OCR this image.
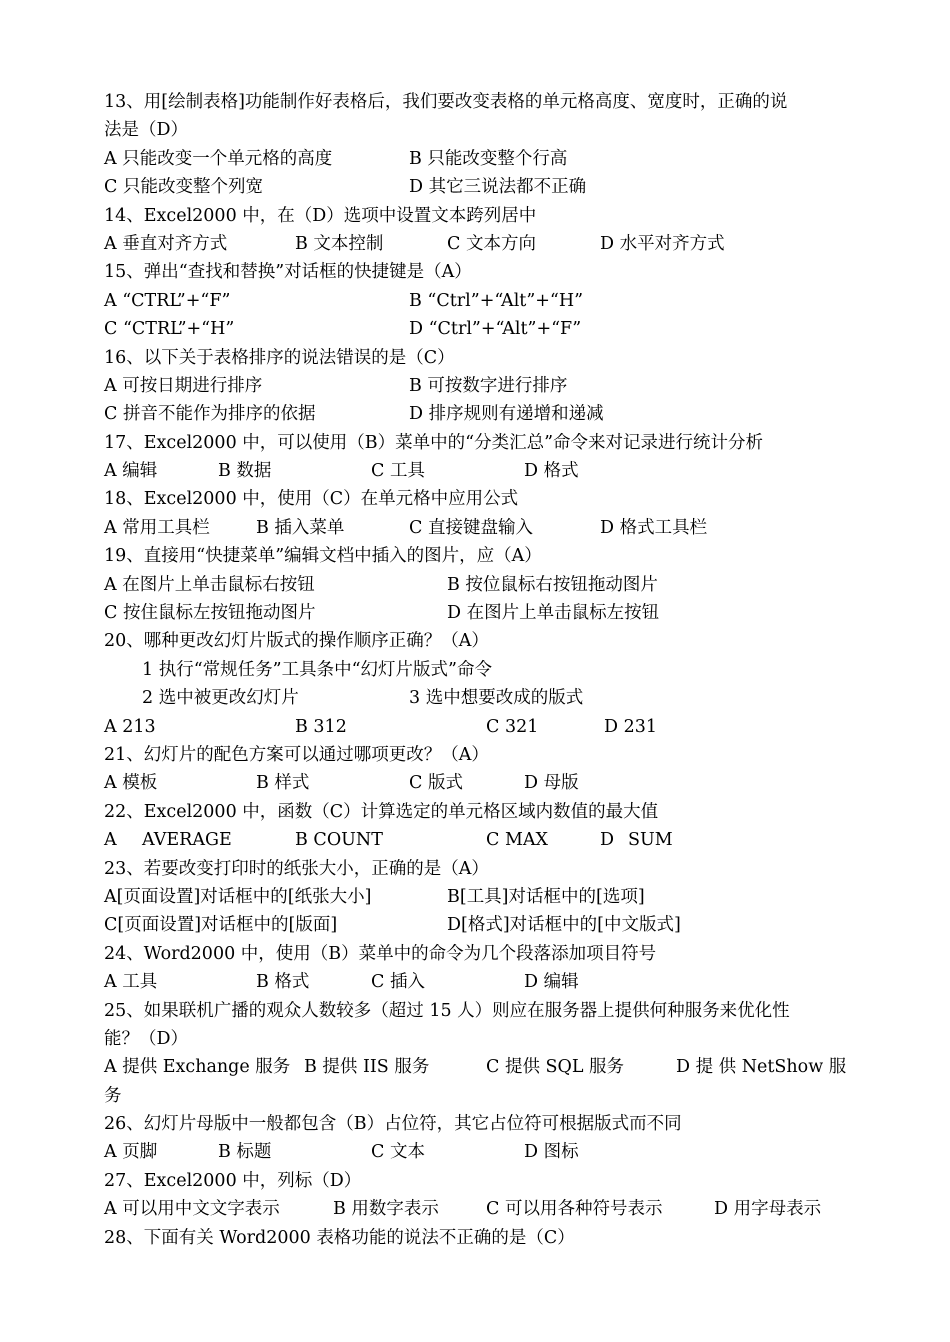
13、用[绘制表格]功能制作好表格后，我们要改变表格的单元格高度、宽度时，正确的说
法是（D）
A 只能改变一个单元格的高度	B 只能改变整个行高
C 只能改变整个列宽	D 其它三说法都不正确
14、Excel2000 中，在（D）选项中设置文本跨列居中
A 垂直对齐方式	B 文本控制	C 文本方向	D 水平对齐方式
15、弹出“查找和替换”对话框的快捷键是（A）
A “CTRL”+“F”	B “Ctrl”+“Alt”+“H”
C “CTRL”+“H”	D “Ctrl”+“Alt”+“F”
16、以下关于表格排序的说法错误的是（C）
A 可按日期进行排序	B 可按数字进行排序
C 拼音不能作为排序的依据	D 排序规则有递增和递减
17、Excel2000 中，可以使用（B）菜单中的“分类汇总”命令来对记录进行统计分析
A 编辑	B 数据	C 工具	D 格式
18、Excel2000 中，使用（C）在单元格中应用公式
A 常用工具栏	B 插入菜单	C 直接键盘输入	D 格式工具栏
19、直接用“快捷菜单”编辑文档中插入的图片，应（A）
A 在图片上单击鼠标右按钮	B 按位鼠标右按钮拖动图片
C 按住鼠标左按钮拖动图片	D 在图片上单击鼠标左按钮
20、哪种更改幻灯片版式的操作顺序正确？（A）
1 执行“常规任务”工具条中“幻灯片版式”命令
2 选中被更改幻灯片	3 选中想要改成的版式
A 213	B 312	C 321	D 231
21、幻灯片的配色方案可以通过哪项更改？（A）
A 模板	B 样式	C 版式	D 母版
22、Excel2000 中，函数（C）计算选定的单元格区域内数值的最大值
A AVERAGE	B COUNT	C MAX	D SUM
23、若要改变打印时的纸张大小，正确的是（A）
A[页面设置]对话框中的[纸张大小]	B[工具]对话框中的[选项]
C[页面设置]对话框中的[版面]	D[格式]对话框中的[中文版式]
24、Word2000 中，使用（B）菜单中的命令为几个段落添加项目符号
A 工具	B 格式	C 插入	D 编辑
25、如果联机广播的观众人数较多（超过 15 人）则应在服务器上提供何种服务来优化性
能？（D）
A 提供 Exchange 服务 B 提供 IIS 服务	C 提供 SQL 服务	D 提 供 NetShow 服
务
26、幻灯片母版中一般都包含（B）占位符，其它占位符可根据版式而不同
A 页脚	B 标题	C 文本	D 图标
27、Excel2000 中，列标（D）
A 可以用中文文字表示	B 用数字表示	C 可以用各种符号表示	D 用字母表示
28、下面有关 Word2000 表格功能的说法不正确的是（C）
